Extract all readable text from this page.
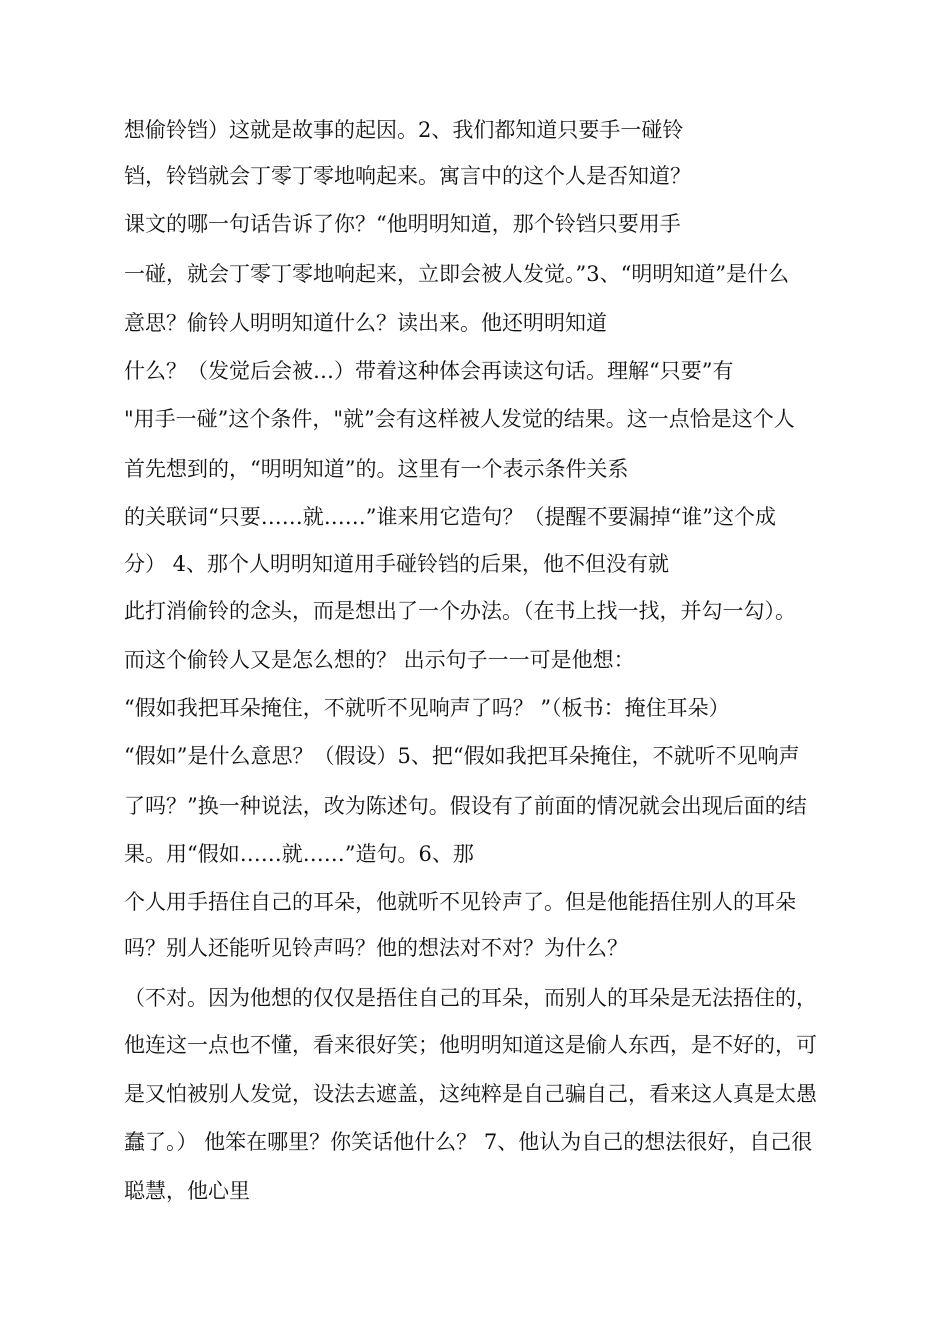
想偷铃铛）这就是故事的起因。2、我们都知道只要手一碰铃
铛，铃铛就会丁零丁零地响起来。寓言中的这个人是否知道？
课文的哪一句话告诉了你？“他明明知道，那个铃铛只要用手
一碰，就会丁零丁零地响起来，立即会被人发觉。”3、“明明知道”是什么
意思？偷铃人明明知道什么？读出来。他还明明知道
什么？（发觉后会被…）带着这种体会再读这句话。理解“只要”有
"用手一碰”这个条件，"就”会有这样被人发觉的结果。这一点恰是这个人
首先想到的，“明明知道”的。这里有一个表示条件关系
的关联词“只要……就……”谁来用它造句？（提醒不要漏掉“谁”这个成
分） 4、那个人明明知道用手碰铃铛的后果，他不但没有就
此打消偷铃的念头，而是想出了一个办法。（在书上找一找，并勾一勾）。
而这个偷铃人又是怎么想的？ 出示句子一一可是他想：
“假如我把耳朵掩住，不就听不见响声了吗？ ”（板书：掩住耳朵）
“假如”是什么意思？（假设）5、把“假如我把耳朵掩住，不就听不见响声
了吗？”换一种说法，改为陈述句。假设有了前面的情况就会出现后面的结
果。用“假如……就……”造句。6、那
个人用手捂住自己的耳朵，他就听不见铃声了。但是他能捂住别人的耳朵
吗？别人还能听见铃声吗？他的想法对不对？为什么？
（不对。因为他想的仅仅是捂住自己的耳朵，而别人的耳朵是无法捂住的，
他连这一点也不懂，看来很好笑；他明明知道这是偷人东西，是不好的，可
是又怕被别人发觉，设法去遮盖，这纯粹是自己骗自己，看来这人真是太愚
蠢了。） 他笨在哪里？你笑话他什么？ 7、他认为自己的想法很好，自己很
聪慧，他心里
